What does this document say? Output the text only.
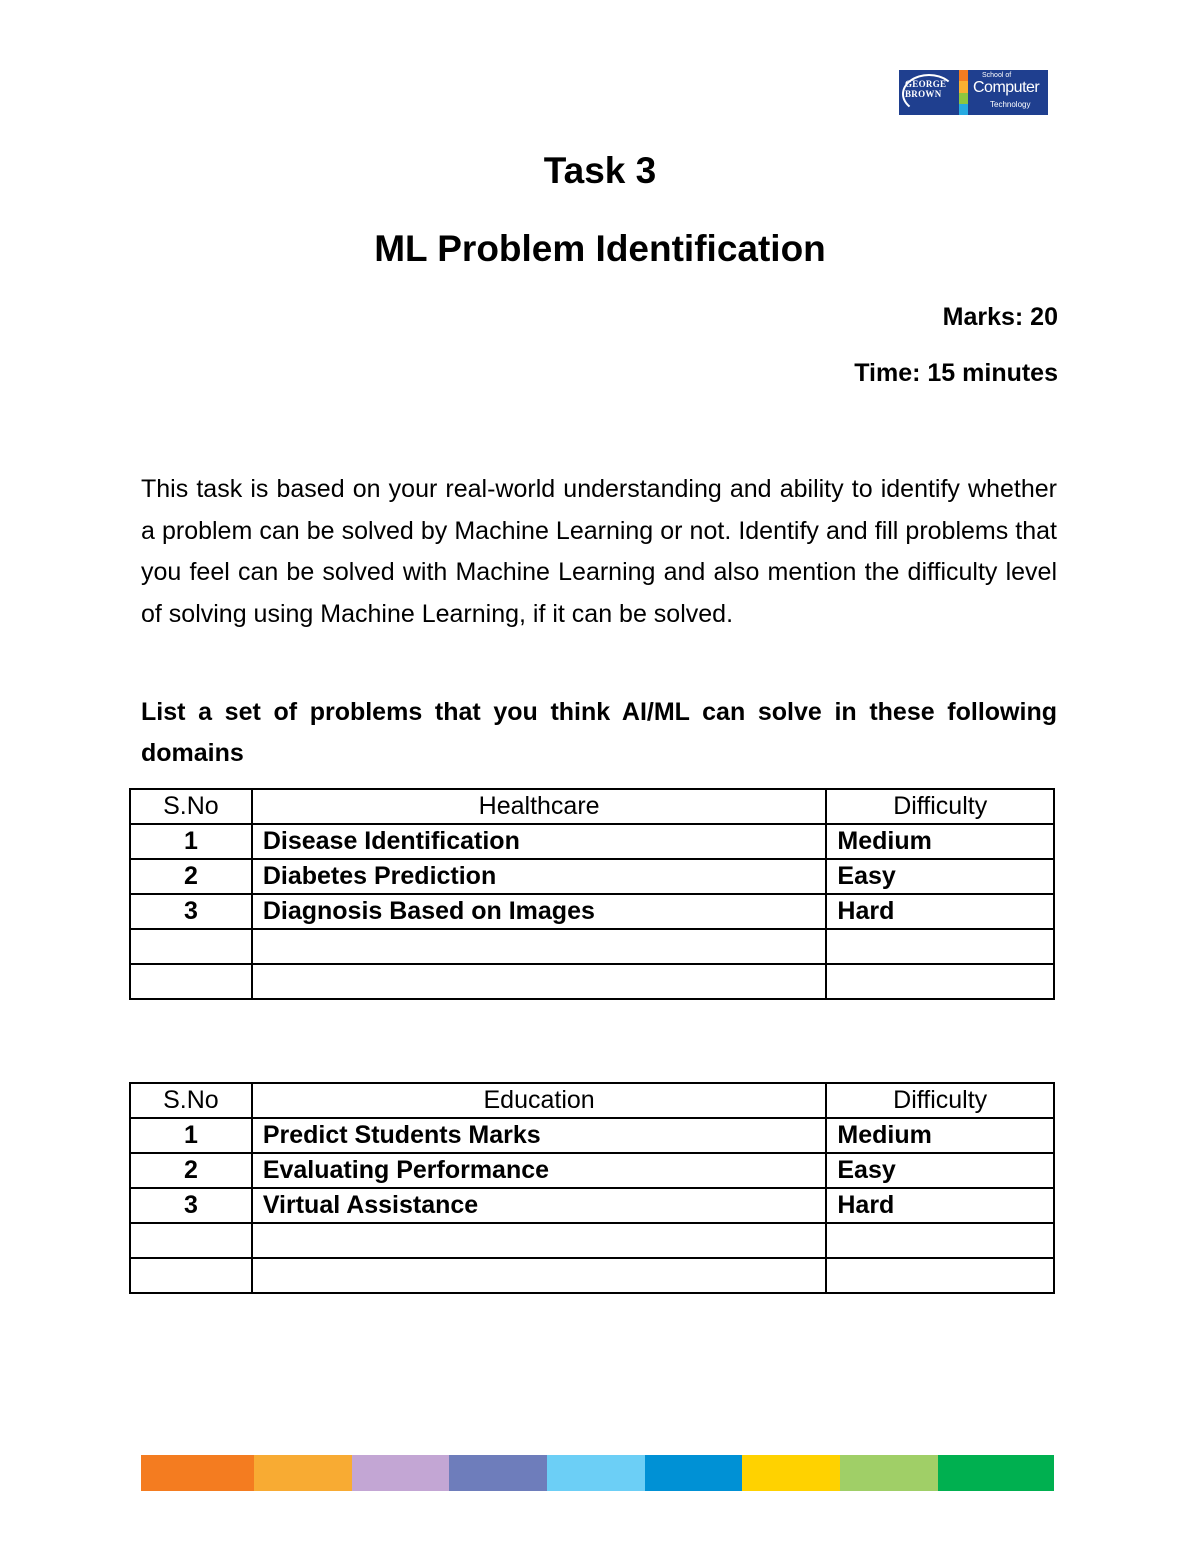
GEORGE BROWN
School of
Computer
Technology
Task 3
ML Problem Identification
Marks: 20
Time: 15 minutes
This task is based on your real-world understanding and ability to identify whether a problem can be solved by Machine Learning or not. Identify and fill problems that you feel can be solved with Machine Learning and also mention the difficulty level of solving using Machine Learning, if it can be solved.
List a set of problems that you think AI/ML can solve in these following domains
S.No	Healthcare	Difficulty
1	Disease Identification	Medium
2	Diabetes Prediction	Easy
3	Diagnosis Based on Images	Hard

S.No	Education	Difficulty
1	Predict Students Marks	Medium
2	Evaluating Performance	Easy
3	Virtual Assistance	Hard
